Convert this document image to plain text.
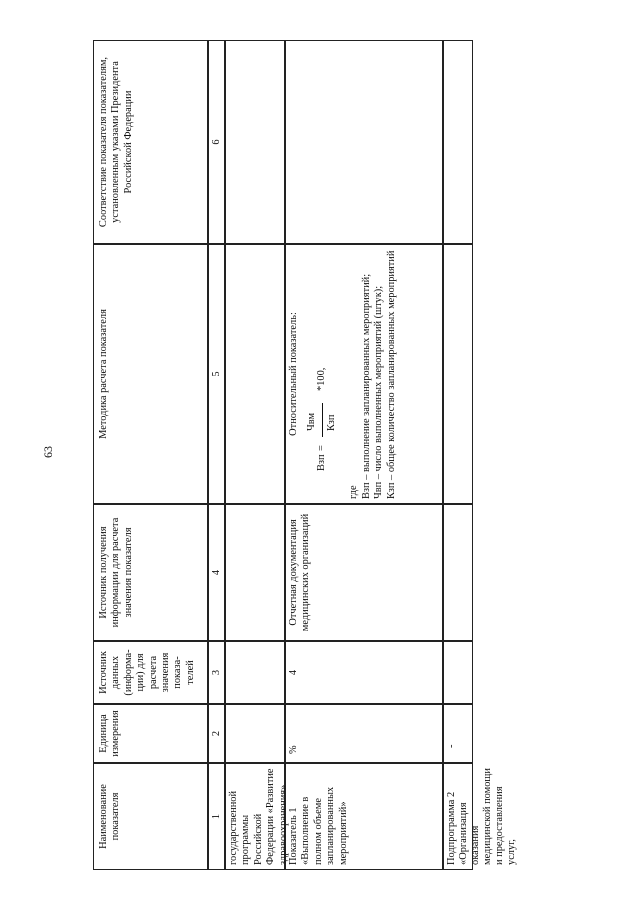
63
Наименование показателя
Единица измерения
Источник данных (информа-ции) для расчета значения показа-телей
Источник получения информации для расчета значения показателя
Методика расчета показателя
Соответствие показателя показателям, установленным указами Президента Российской Федерации
1
2
3
4
5
6
государственной программы Российской Федерации «Развитие здравоохранения» Показатель 1 «Выполнение в полном объеме запланированных мероприятий»
%
4
Отчетная документация медицинских организаций
Относительный показатель:
Взп
=
Чвм Кзп
*100,

где Взп – выполнение запланированных мероприятий; Чвп – число выполненных мероприятий (штук); Кзп – общее количество запланированных мероприятий

Подпрограмма 2 «Организация оказания медицинской помощи и предоставления услуг,
-
